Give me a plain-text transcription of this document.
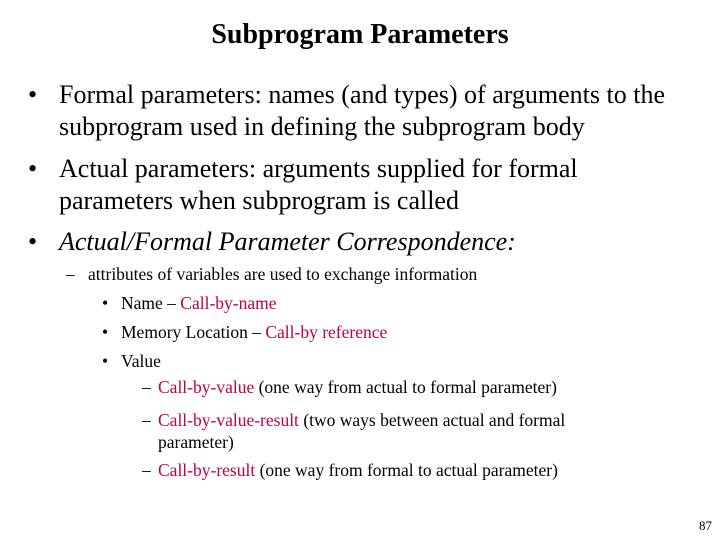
Subprogram Parameters
• Formal parameters: names (and types) of arguments to the subprogram used in defining the subprogram body
• Actual parameters: arguments supplied for formal parameters when subprogram is called
• Actual/Formal Parameter Correspondence:
– attributes of variables are used to exchange information
• Name – Call-by-name
• Memory Location – Call-by reference
• Value
– Call-by-value (one way from actual to formal parameter)
– Call-by-value-result (two ways between actual and formal parameter)
– Call-by-result (one way from formal to actual parameter)
87
